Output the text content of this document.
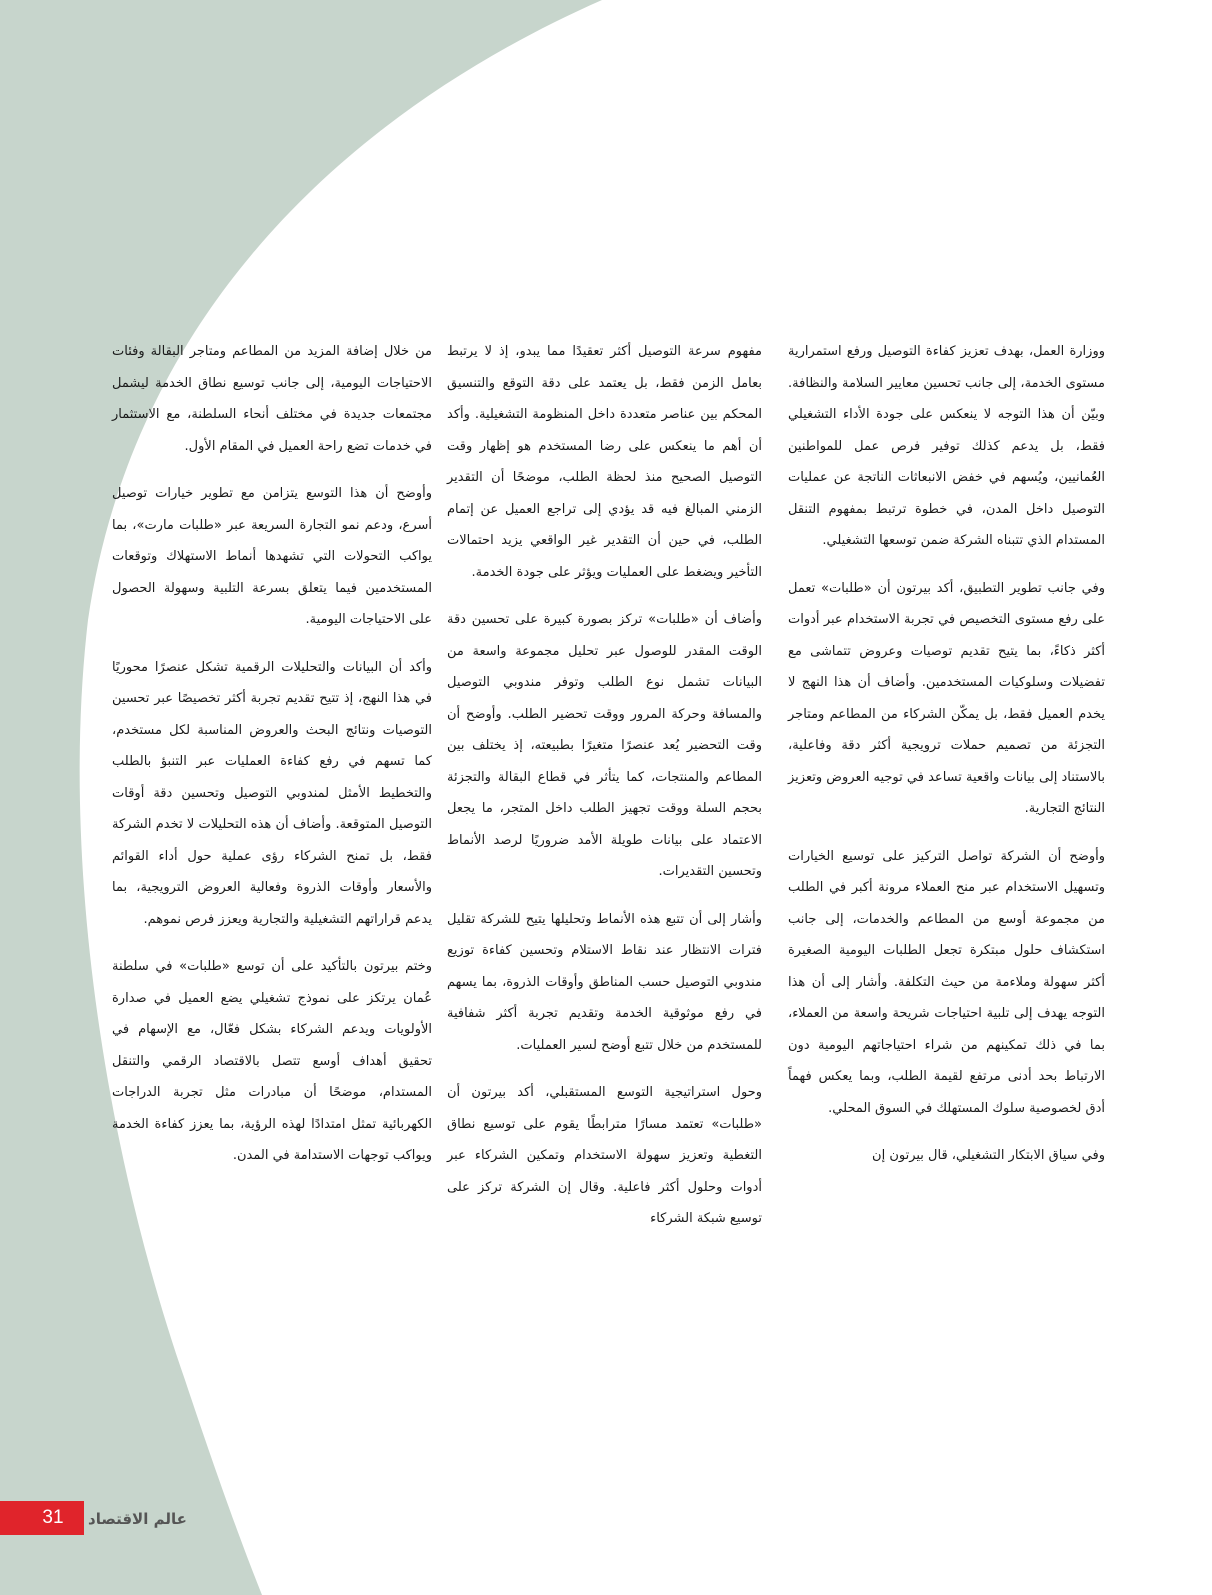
ووزارة العمل، بهدف تعزيز كفاءة التوصيل ورفع استمرارية مستوى الخدمة، إلى جانب تحسين معايير السلامة والنظافة. وبيّن أن هذا التوجه لا ينعكس على جودة الأداء التشغيلي فقط، بل يدعم كذلك توفير فرص عمل للمواطنين العُمانيين، ويُسهم في خفض الانبعاثات الناتجة عن عمليات التوصيل داخل المدن، في خطوة ترتبط بمفهوم التنقل المستدام الذي تتبناه الشركة ضمن توسعها التشغيلي.

وفي جانب تطوير التطبيق، أكد بيرتون أن «طلبات» تعمل على رفع مستوى التخصيص في تجربة الاستخدام عبر أدوات أكثر ذكاءً، بما يتيح تقديم توصيات وعروض تتماشى مع تفضيلات وسلوكيات المستخدمين. وأضاف أن هذا النهج لا يخدم العميل فقط، بل يمكّن الشركاء من المطاعم ومتاجر التجزئة من تصميم حملات ترويجية أكثر دقة وفاعلية، بالاستناد إلى بيانات واقعية تساعد في توجيه العروض وتعزيز النتائج التجارية.

وأوضح أن الشركة تواصل التركيز على توسيع الخيارات وتسهيل الاستخدام عبر منح العملاء مرونة أكبر في الطلب من مجموعة أوسع من المطاعم والخدمات، إلى جانب استكشاف حلول مبتكرة تجعل الطلبات اليومية الصغيرة أكثر سهولة وملاءمة من حيث التكلفة. وأشار إلى أن هذا التوجه يهدف إلى تلبية احتياجات شريحة واسعة من العملاء، بما في ذلك تمكينهم من شراء احتياجاتهم اليومية دون الارتباط بحد أدنى مرتفع لقيمة الطلب، وبما يعكس فهماً أدق لخصوصية سلوك المستهلك في السوق المحلي.

وفي سياق الابتكار التشغيلي، قال بيرتون إن

مفهوم سرعة التوصيل أكثر تعقيدًا مما يبدو، إذ لا يرتبط بعامل الزمن فقط، بل يعتمد على دقة التوقع والتنسيق المحكم بين عناصر متعددة داخل المنظومة التشغيلية. وأكد أن أهم ما ينعكس على رضا المستخدم هو إظهار وقت التوصيل الصحيح منذ لحظة الطلب، موضحًا أن التقدير الزمني المبالغ فيه قد يؤدي إلى تراجع العميل عن إتمام الطلب، في حين أن التقدير غير الواقعي يزيد احتمالات التأخير ويضغط على العمليات ويؤثر على جودة الخدمة.

وأضاف أن «طلبات» تركز بصورة كبيرة على تحسين دقة الوقت المقدر للوصول عبر تحليل مجموعة واسعة من البيانات تشمل نوع الطلب وتوفر مندوبي التوصيل والمسافة وحركة المرور ووقت تحضير الطلب. وأوضح أن وقت التحضير يُعد عنصرًا متغيرًا بطبيعته، إذ يختلف بين المطاعم والمنتجات، كما يتأثر في قطاع البقالة والتجزئة بحجم السلة ووقت تجهيز الطلب داخل المتجر، ما يجعل الاعتماد على بيانات طويلة الأمد ضروريًا لرصد الأنماط وتحسين التقديرات.

وأشار إلى أن تتبع هذه الأنماط وتحليلها يتيح للشركة تقليل فترات الانتظار عند نقاط الاستلام وتحسين كفاءة توزيع مندوبي التوصيل حسب المناطق وأوقات الذروة، بما يسهم في رفع موثوقية الخدمة وتقديم تجربة أكثر شفافية للمستخدم من خلال تتبع أوضح لسير العمليات.

وحول استراتيجية التوسع المستقبلي، أكد بيرتون أن «طلبات» تعتمد مسارًا مترابطًا يقوم على توسيع نطاق التغطية وتعزيز سهولة الاستخدام وتمكين الشركاء عبر أدوات وحلول أكثر فاعلية. وقال إن الشركة تركز على توسيع شبكة الشركاء

من خلال إضافة المزيد من المطاعم ومتاجر البقالة وفئات الاحتياجات اليومية، إلى جانب توسيع نطاق الخدمة ليشمل مجتمعات جديدة في مختلف أنحاء السلطنة، مع الاستثمار في خدمات تضع راحة العميل في المقام الأول.

وأوضح أن هذا التوسع يتزامن مع تطوير خيارات توصيل أسرع، ودعم نمو التجارة السريعة عبر «طلبات مارت»، بما يواكب التحولات التي تشهدها أنماط الاستهلاك وتوقعات المستخدمين فيما يتعلق بسرعة التلبية وسهولة الحصول على الاحتياجات اليومية.

وأكد أن البيانات والتحليلات الرقمية تشكل عنصرًا محوريًا في هذا النهج، إذ تتيح تقديم تجربة أكثر تخصيصًا عبر تحسين التوصيات ونتائج البحث والعروض المناسبة لكل مستخدم، كما تسهم في رفع كفاءة العمليات عبر التنبؤ بالطلب والتخطيط الأمثل لمندوبي التوصيل وتحسين دقة أوقات التوصيل المتوقعة. وأضاف أن هذه التحليلات لا تخدم الشركة فقط، بل تمنح الشركاء رؤى عملية حول أداء القوائم والأسعار وأوقات الذروة وفعالية العروض الترويجية، بما يدعم قراراتهم التشغيلية والتجارية ويعزز فرص نموهم.

وختم بيرتون بالتأكيد على أن توسع «طلبات» في سلطنة عُمان يرتكز على نموذج تشغيلي يضع العميل في صدارة الأولويات ويدعم الشركاء بشكل فعّال، مع الإسهام في تحقيق أهداف أوسع تتصل بالاقتصاد الرقمي والتنقل المستدام، موضحًا أن مبادرات مثل تجربة الدراجات الكهربائية تمثل امتدادًا لهذه الرؤية، بما يعزز كفاءة الخدمة ويواكب توجهات الاستدامة في المدن.

31 عالم الاقتصاد
